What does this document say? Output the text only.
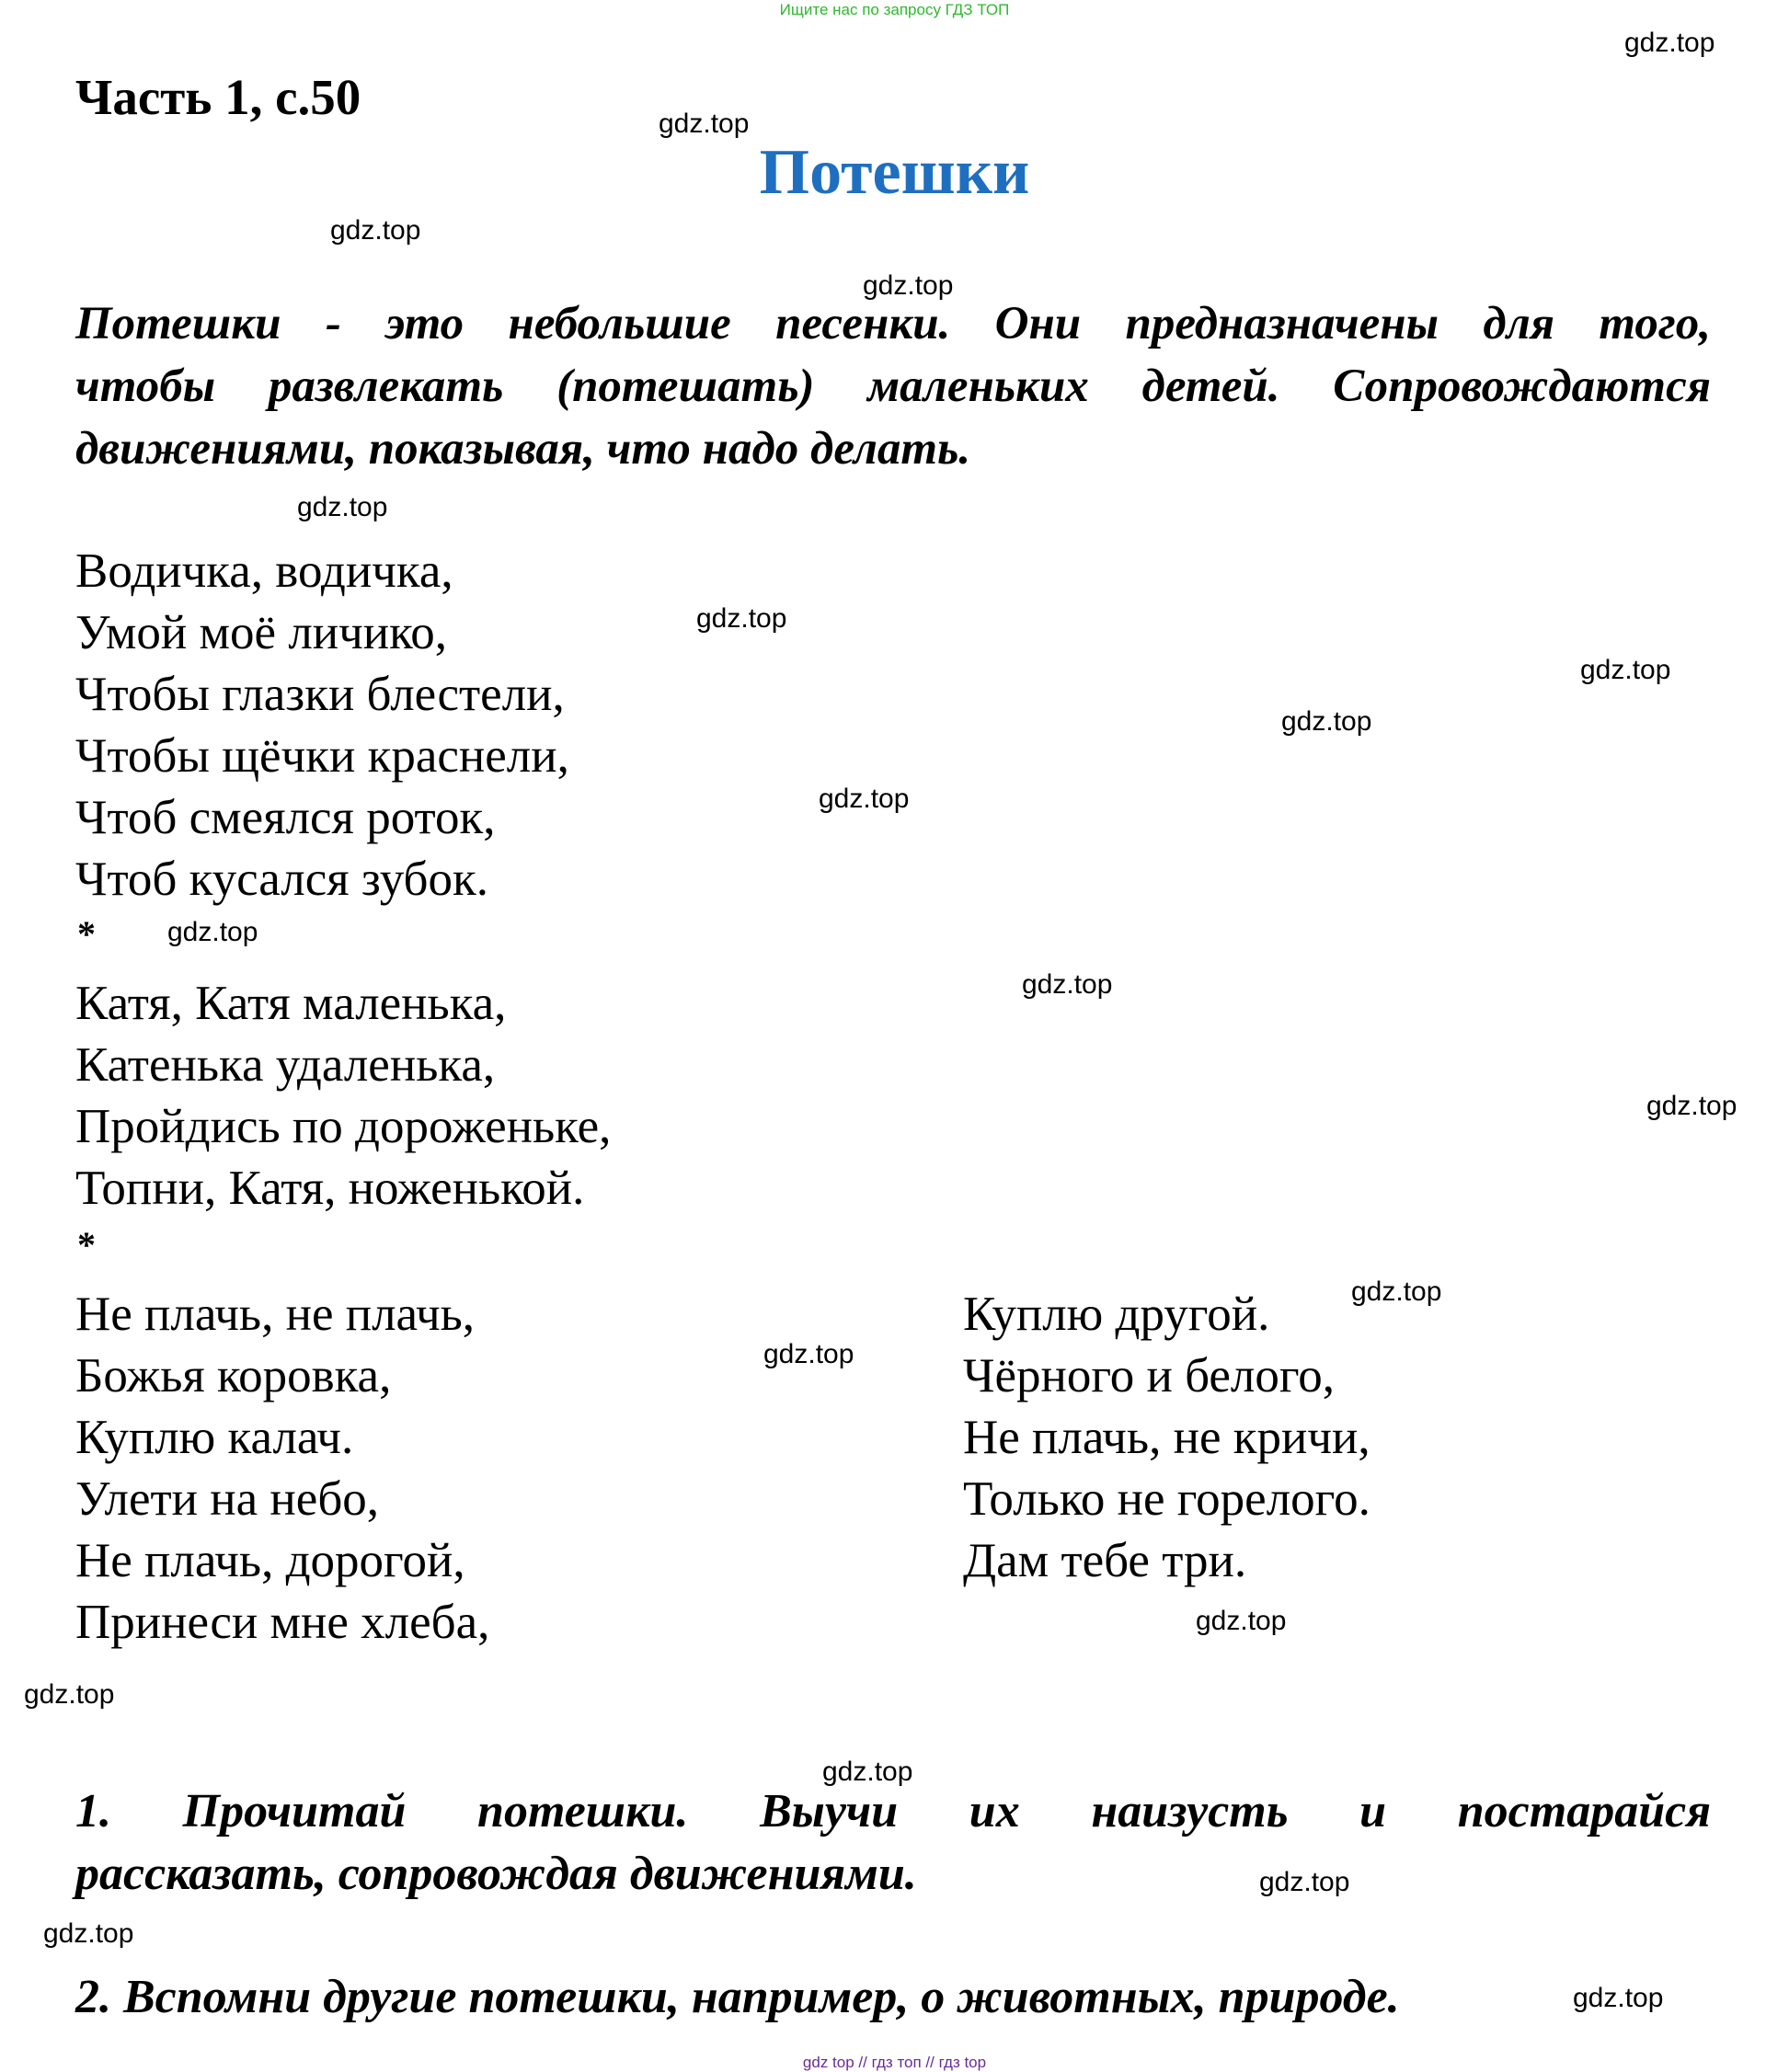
Ищите нас по запросу ГДЗ ТОП
Часть 1, с.50
Потешки
Потешки - это небольшие песенки. Они предназначены для того,
чтобы развлекать (потешать) маленьких детей. Сопровождаются
движениями, показывая, что надо делать.
Водичка, водичка,
Умой моё личико,
Чтобы глазки блестели,
Чтобы щёчки краснели,
Чтоб смеялся роток,
Чтоб кусался зубок.
*
Катя, Катя маленька,
Катенька удаленька,
Пройдись по дороженьке,
Топни, Катя, ноженькой.
*
Не плачь, не плачь,
Божья коровка,
Куплю калач.
Улети на небо,
Не плачь, дорогой,
Принеси мне хлеба,
Куплю другой.
Чёрного и белого,
Не плачь, не кричи,
Только не горелого.
Дам тебе три.
1. Прочитай потешки. Выучи их наизусть и постарайся
рассказать, сопровождая движениями.
2. Вспомни другие потешки, например, о животных, природе.
gdz.top
gdz.top
gdz.top
gdz.top
gdz.top
gdz.top
gdz.top
gdz.top
gdz.top
gdz.top
gdz.top
gdz.top
gdz.top
gdz.top
gdz.top
gdz.top
gdz.top
gdz.top
gdz.top
gdz.top
gdz top // гдз топ // гдз top
